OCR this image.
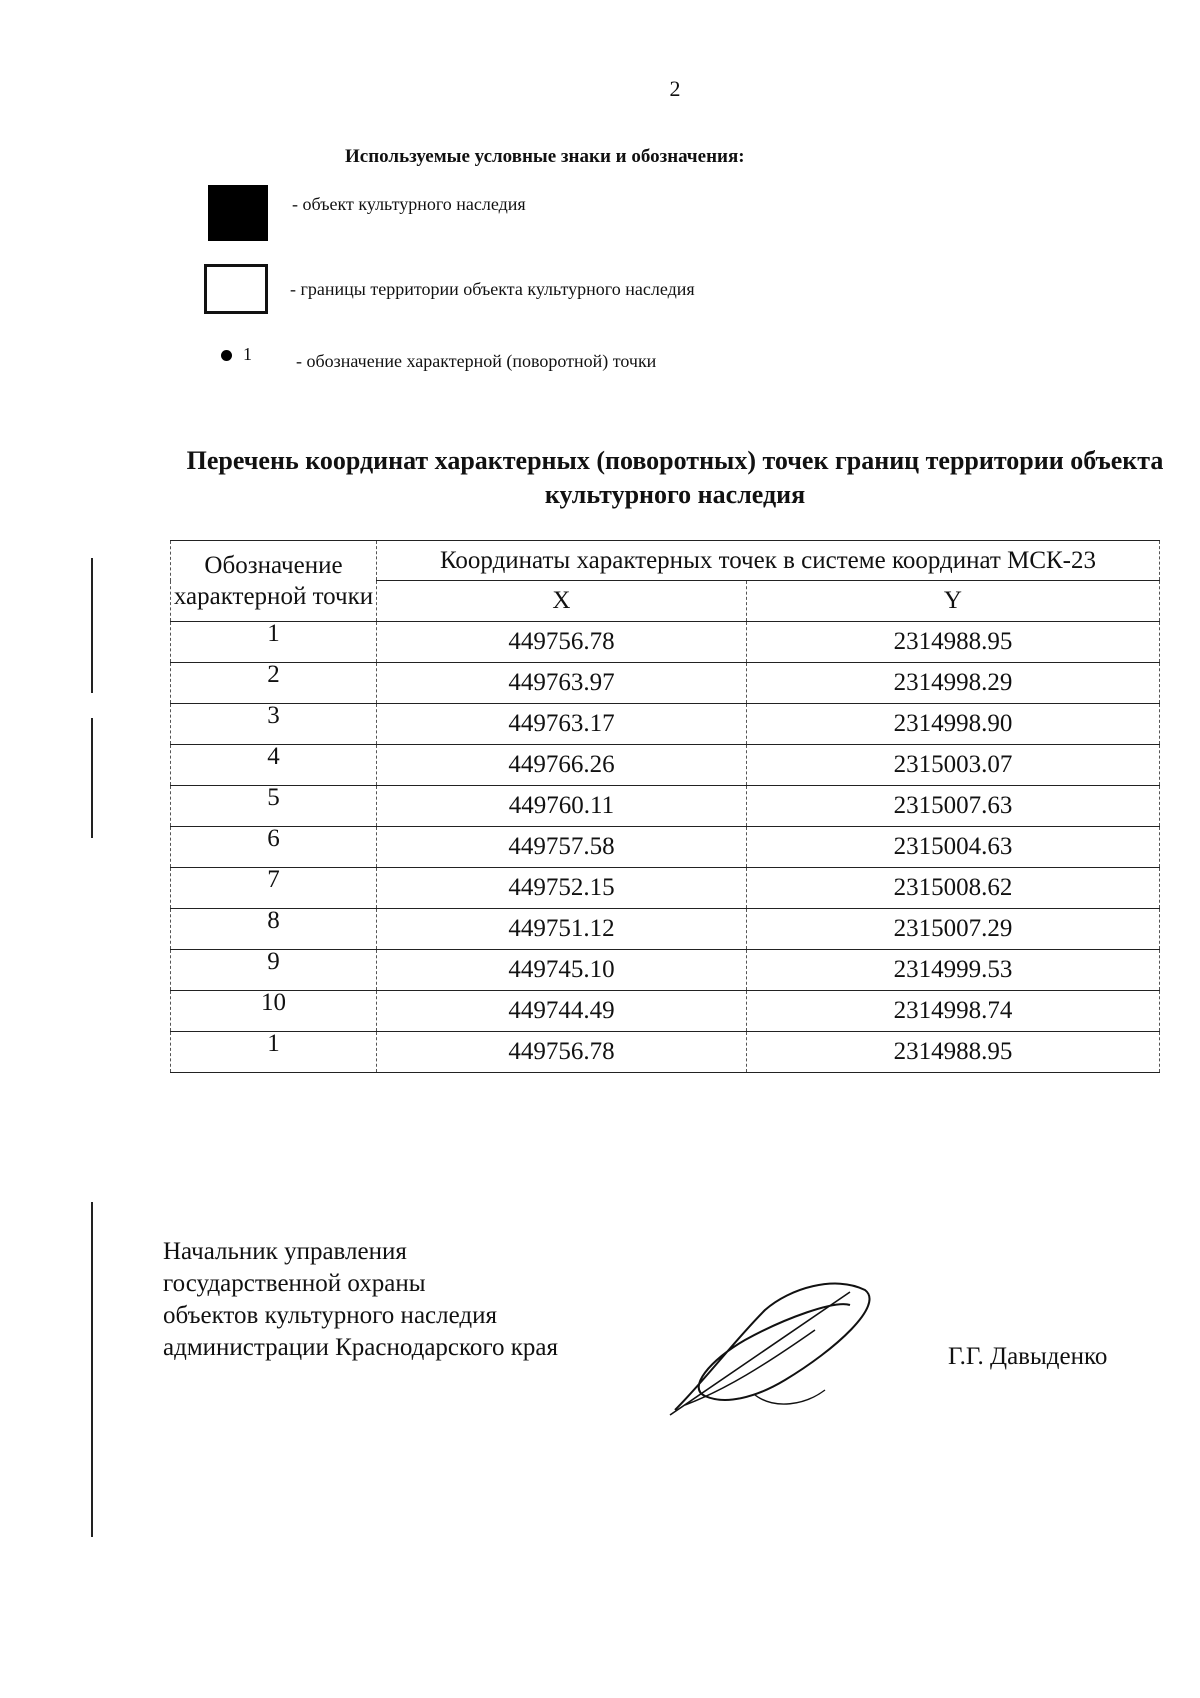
2
Используемые условные знаки и обозначения:
- объект культурного наследия
- границы территории объекта культурного наследия
1 - обозначение характерной (поворотной) точки
Перечень координат характерных (поворотных) точек границ территории объекта культурного наследия
Обозначение характерной точки	Координаты характерных точек в системе координат МСК-23	
	X	Y
1	449756.78	2314988.95
2	449763.97	2314998.29
3	449763.17	2314998.90
4	449766.26	2315003.07
5	449760.11	2315007.63
6	449757.58	2315004.63
7	449752.15	2315008.62
8	449751.12	2315007.29
9	449745.10	2314999.53
10	449744.49	2314998.74
1	449756.78	2314988.95
Начальник управления
государственной охраны
объектов культурного наследия
администрации Краснодарского края	Г.Г. Давыденко
